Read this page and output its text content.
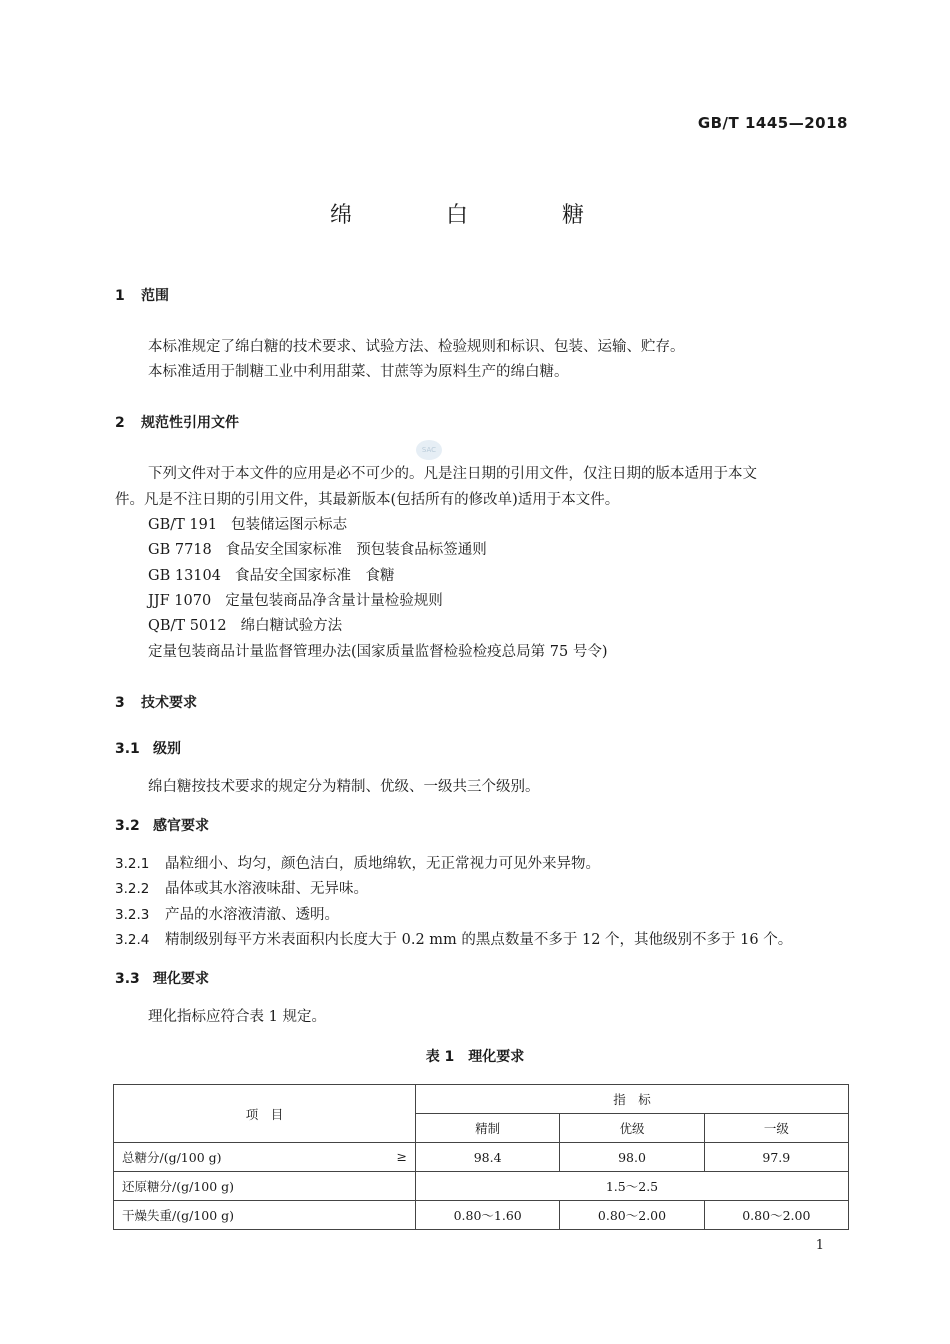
GB/T 1445—2018
绵　白　糖
SAC
1 范围
本标准规定了绵白糖的技术要求、试验方法、检验规则和标识、包装、运输、贮存。
本标准适用于制糖工业中利用甜菜、甘蔗等为原料生产的绵白糖。
2 规范性引用文件
下列文件对于本文件的应用是必不可少的。凡是注日期的引用文件，仅注日期的版本适用于本文
件。凡是不注日期的引用文件，其最新版本(包括所有的修改单)适用于本文件。
GB/T 191 包装储运图示标志
GB 7718 食品安全国家标准　预包装食品标签通则
GB 13104 食品安全国家标准　食糖
JJF 1070 定量包装商品净含量计量检验规则
QB/T 5012 绵白糖试验方法
定量包装商品计量监督管理办法(国家质量监督检验检疫总局第 75 号令)
3 技术要求
3.1 级别
绵白糖按技术要求的规定分为精制、优级、一级共三个级别。
3.2 感官要求
3.2.1 晶粒细小、均匀，颜色洁白，质地绵软，无正常视力可见外来异物。
3.2.2 晶体或其水溶液味甜、无异味。
3.2.3 产品的水溶液清澈、透明。
3.2.4 精制级别每平方米表面积内长度大于 0.2 mm 的黑点数量不多于 12 个，其他级别不多于 16 个。
3.3 理化要求
理化指标应符合表 1 规定。
表 1　理化要求
项　目	指　标		
	精制	优级	一级
总糖分/(g/100 g) ≥	98.4	98.0	97.9
还原糖分/(g/100 g)	1.5～2.5		
干燥失重/(g/100 g)	0.80～1.60	0.80～2.00	0.80～2.00
1
